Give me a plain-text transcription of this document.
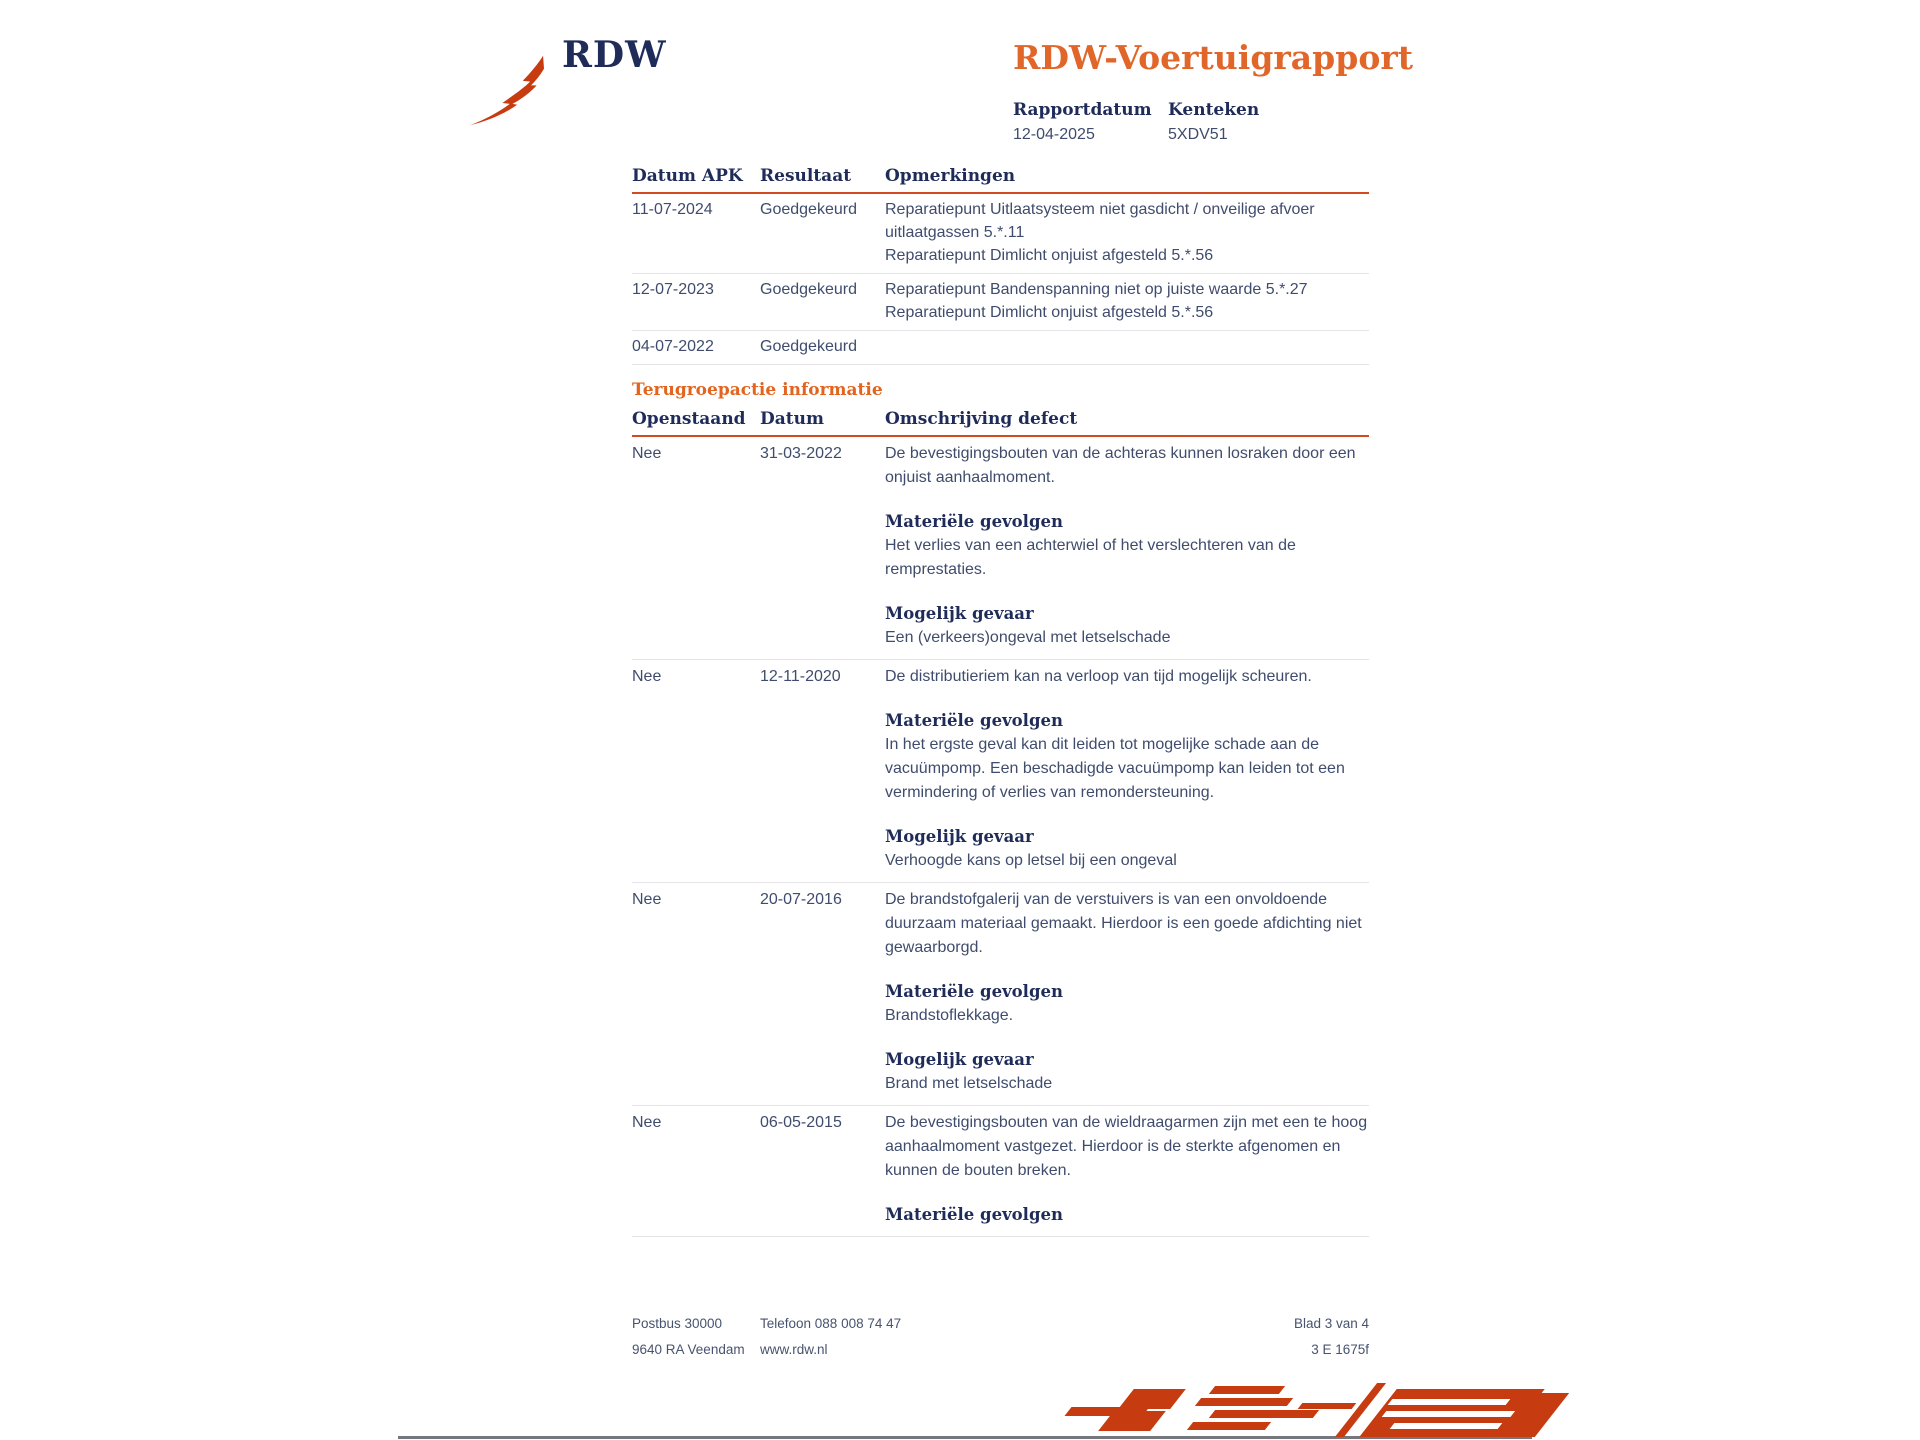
RDW	RDW-Voertuigrapport
Rapportdatum
12-04-2025
Kenteken
5XDV51
Datum APK	Resultaat	Opmerkingen
11-07-2024	Goedgekeurd	Reparatiepunt Uitlaatsysteem niet gasdicht / onveilige afvoer uitlaatgassen 5.*.11
Reparatiepunt Dimlicht onjuist afgesteld 5.*.56
12-07-2023	Goedgekeurd	Reparatiepunt Bandenspanning niet op juiste waarde 5.*.27
Reparatiepunt Dimlicht onjuist afgesteld 5.*.56
04-07-2022	Goedgekeurd
Terugroepactie informatie
Openstaand Datum	Omschrijving defect
Nee	31-03-2022	De bevestigingsbouten van de achteras kunnen losraken door een onjuist aanhaalmoment.
Materiële gevolgen
Het verlies van een achterwiel of het verslechteren van de remprestaties.
Mogelijk gevaar
Een (verkeers)ongeval met letselschade
Nee	12-11-2020	De distributieriem kan na verloop van tijd mogelijk scheuren.
Materiële gevolgen
In het ergste geval kan dit leiden tot mogelijke schade aan de vacuümpomp. Een beschadigde vacuümpomp kan leiden tot een vermindering of verlies van remondersteuning.
Mogelijk gevaar
Verhoogde kans op letsel bij een ongeval
Nee	20-07-2016	De brandstofgalerij van de verstuivers is van een onvoldoende duurzaam materiaal gemaakt. Hierdoor is een goede afdichting niet gewaarborgd.
Materiële gevolgen
Brandstoflekkage.
Mogelijk gevaar
Brand met letselschade
Nee	06-05-2015	De bevestigingsbouten van de wieldraagarmen zijn met een te hoog aanhaalmoment vastgezet. Hierdoor is de sterkte afgenomen en kunnen de bouten breken.
Materiële gevolgen
Postbus 30000
9640 RA Veendam
Telefoon 088 008 74 47
www.rdw.nl
Blad 3 van 4
3 E 1675f
